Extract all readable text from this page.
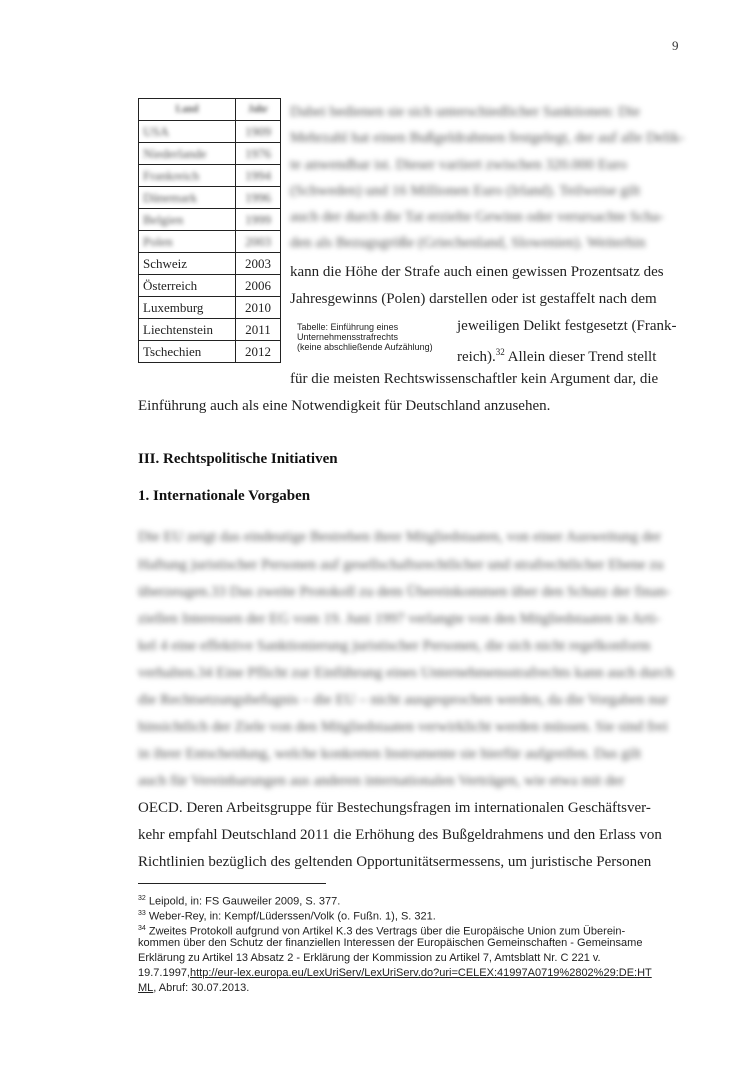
9
Land	Jahr
USA	1909
Niederlande	1976
Frankreich	1994
Dänemark	1996
Belgien	1999
Polen	2003
Schweiz	2003
Österreich	2006
Luxemburg	2010
Liechtenstein	2011
Tschechien	2012
Tabelle: Einführung eines
Unternehmensstrafrechts
(keine abschließende Aufzählung)
Dabei bedienen sie sich unterschiedlicher Sanktionen: Die
Mehrzahl hat einen Bußgeldrahmen festgelegt, der auf alle Delik-
te anwendbar ist. Dieser variiert zwischen 320.000 Euro
(Schweden) und 16 Millionen Euro (Irland). Teilweise gilt
auch der durch die Tat erzielte Gewinn oder verursachte Scha-
den als Bezugsgröße (Griechenland, Slowenien). Weiterhin
kann die Höhe der Strafe auch einen gewissen Prozentsatz des
Jahresgewinns (Polen) darstellen oder ist gestaffelt nach dem
jeweiligen Delikt festgesetzt (Frank-
reich).$^{32}$ Allein dieser Trend stellt
für die meisten Rechtswissenschaftler kein Argument dar, die
Einführung auch als eine Notwendigkeit für Deutschland anzusehen.
III. Rechtspolitische Initiativen
1. Internationale Vorgaben
Die EU zeigt das eindeutige Bestreben ihrer Mitgliedstaaten, von einer Ausweitung der
Haftung juristischer Personen auf gesellschaftsrechtlicher und strafrechtlicher Ebene zu
überzeugen.33 Das zweite Protokoll zu dem Übereinkommen über den Schutz der finan-
ziellen Interessen der EG vom 19. Juni 1997 verlangte von den Mitgliedstaaten in Arti-
kel 4 eine effektive Sanktionierung juristischer Personen, die sich nicht regelkonform
verhalten.34 Eine Pflicht zur Einführung eines Unternehmensstrafrechts kann auch durch
die Rechtsetzungsbefugnis – die EU – nicht ausgesprochen werden, da die Vorgaben nur
hinsichtlich der Ziele von den Mitgliedstaaten verwirklicht werden müssen. Sie sind frei
in ihrer Entscheidung, welche konkreten Instrumente sie hierfür aufgreifen. Das gilt
auch für Vereinbarungen aus anderen internationalen Verträgen, wie etwa mit der
OECD. Deren Arbeitsgruppe für Bestechungsfragen im internationalen Geschäftsver-
kehr empfahl Deutschland 2011 die Erhöhung des Bußgeldrahmens und den Erlass von
Richtlinien bezüglich des geltenden Opportunitätsermessens, um juristische Personen
$^{32}$ Leipold, in: FS Gauweiler 2009, S. 377.
$^{33}$ Weber-Rey, in: Kempf/Lüderssen/Volk (o. Fußn. 1), S. 321.
$^{34}$ Zweites Protokoll aufgrund von Artikel K.3 des Vertrags über die Europäische Union zum Überein-
kommen über den Schutz der finanziellen Interessen der Europäischen Gemeinschaften - Gemeinsame
Erklärung zu Artikel 13 Absatz 2 - Erklärung der Kommission zu Artikel 7, Amtsblatt Nr. C 221 v.
19.7.1997,http://eur-lex.europa.eu/LexUriServ/LexUriServ.do?uri=CELEX:41997A0719%2802%29:DE:HT
ML, Abruf: 30.07.2013.
